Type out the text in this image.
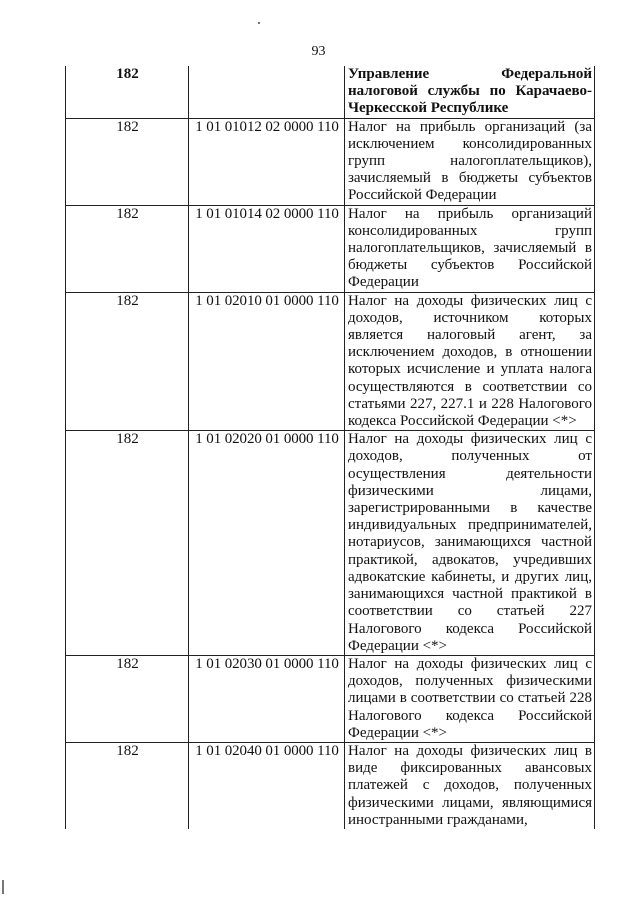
93
182		Управление Федеральной налоговой службы по Карачаево-Черкесской Республике
182	1 01 01012 02 0000 110	Налог на прибыль организаций (за исключением консолидированных групп налогоплательщиков), зачисляемый в бюджеты субъектов Российской Федерации
182	1 01 01014 02 0000 110	Налог на прибыль организаций консолидированных групп налогоплательщиков, зачисляемый в бюджеты субъектов Российской Федерации
182	1 01 02010 01 0000 110	Налог на доходы физических лиц с доходов, источником которых является налоговый агент, за исключением доходов, в отношении которых исчисление и уплата налога осуществляются в соответствии со статьями 227, 227.1 и 228 Налогового кодекса Российской Федерации <*>
182	1 01 02020 01 0000 110	Налог на доходы физических лиц с доходов, полученных от осуществления деятельности физическими лицами, зарегистрированными в качестве индивидуальных предпринимателей, нотариусов, занимающихся частной практикой, адвокатов, учредивших адвокатские кабинеты, и других лиц, занимающихся частной практикой в соответствии со статьей 227 Налогового кодекса Российской Федерации <*>
182	1 01 02030 01 0000 110	Налог на доходы физических лиц с доходов, полученных физическими лицами в соответствии со статьей 228 Налогового кодекса Российской Федерации <*>
182	1 01 02040 01 0000 110	Налог на доходы физических лиц в виде фиксированных авансовых платежей с доходов, полученных физическими лицами, являющимися иностранными гражданами,
